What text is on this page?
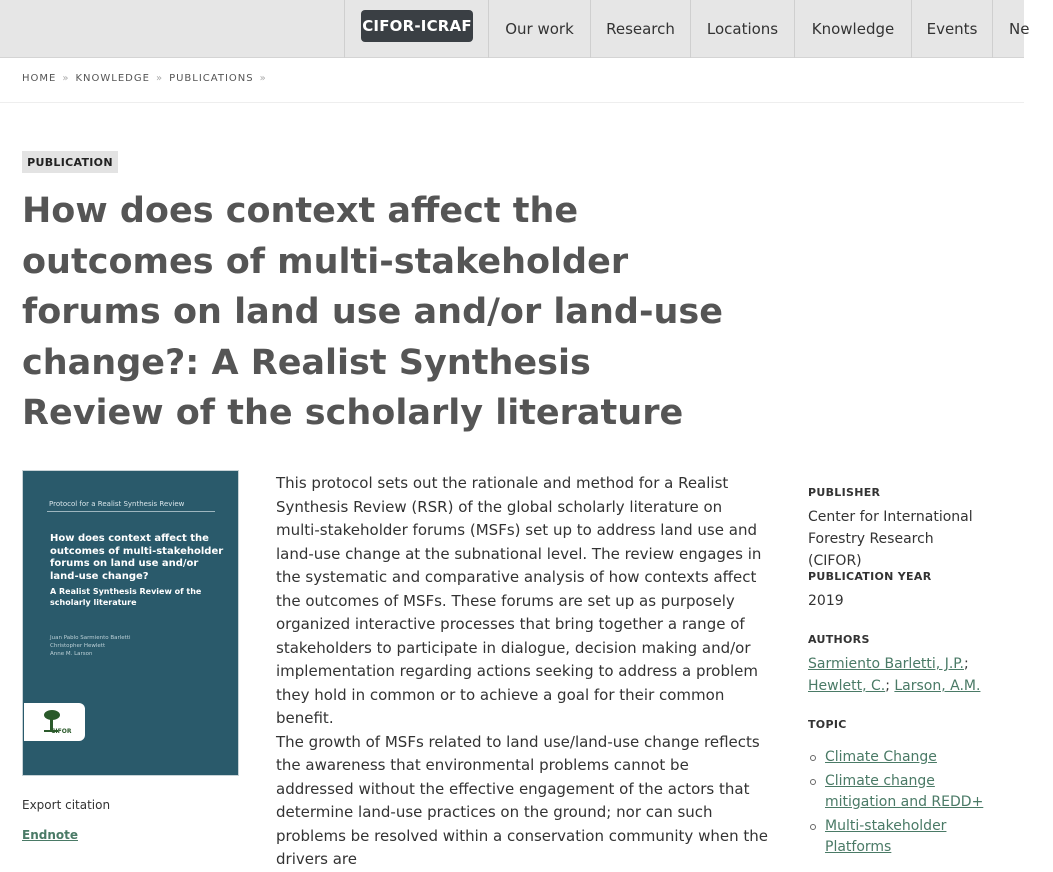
CIFOR-ICRAF	Our work	Research	Locations	Knowledge	Events	Ne
HOME » KNOWLEDGE » PUBLICATIONS »
PUBLICATION
How does context affect the outcomes of multi-stakeholder forums on land use and/or land-use change?: A Realist Synthesis Review of the scholarly literature
Protocol for a Realist Synthesis Review
How does context affect the outcomes of multi-stakeholder forums on land use and/or land-use change?
A Realist Synthesis Review of the scholarly literature
Juan Pablo Sarmiento Barletti
Christopher Hewlett
Anne M. Larson
CIFOR
Export citation
Endnote

This protocol sets out the rationale and method for a Realist Synthesis Review (RSR) of the global scholarly literature on multi-stakeholder forums (MSFs) set up to address land use and land-use change at the subnational level. The review engages in the systematic and comparative analysis of how contexts affect the outcomes of MSFs. These forums are set up as purposely organized interactive processes that bring together a range of stakeholders to participate in dialogue, decision making and/or implementation regarding actions seeking to address a problem they hold in common or to achieve a goal for their common benefit.

The growth of MSFs related to land use/land-use change reflects the awareness that environmental problems cannot be addressed without the effective engagement of the actors that determine land-use practices on the ground; nor can such problems be resolved within a conservation community when the drivers are

PUBLISHER
Center for International Forestry Research (CIFOR)
PUBLICATION YEAR
2019
AUTHORS
Sarmiento Barletti, J.P.;
Hewlett, C.; Larson, A.M.
TOPIC
Climate Change
Climate change mitigation and REDD+
Multi-stakeholder Platforms
